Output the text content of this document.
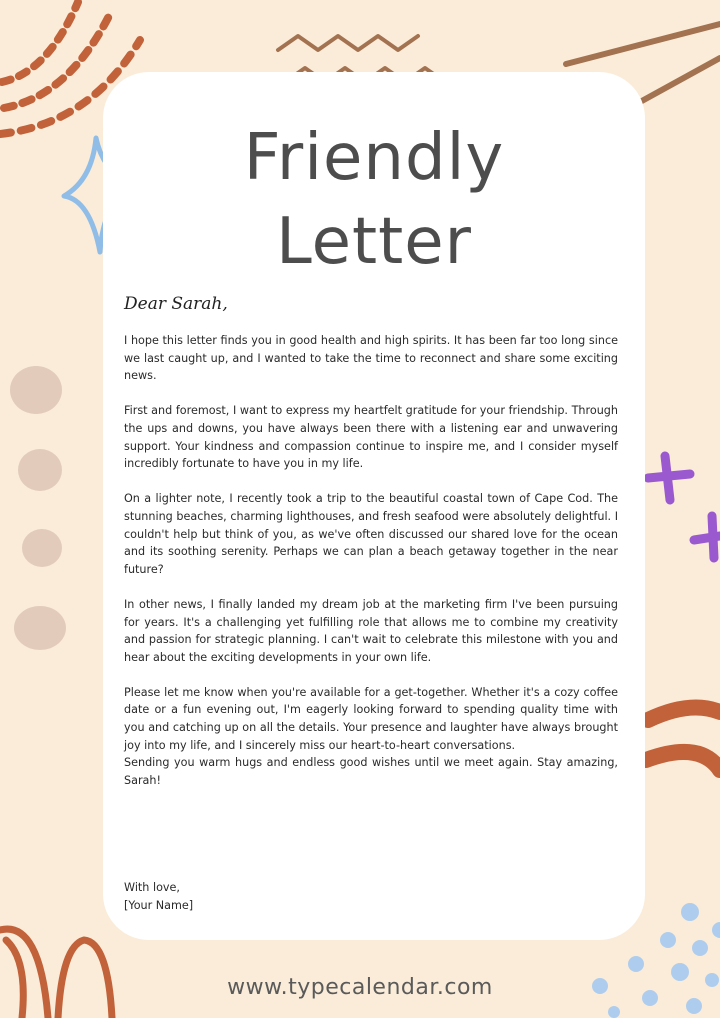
Friendly
Letter

Dear Sarah,

I hope this letter finds you in good health and high spirits. It has been far too long since we last caught up, and I wanted to take the time to reconnect and share some exciting news.

First and foremost, I want to express my heartfelt gratitude for your friendship. Through the ups and downs, you have always been there with a listening ear and unwavering support. Your kindness and compassion continue to inspire me, and I consider myself incredibly fortunate to have you in my life.

On a lighter note, I recently took a trip to the beautiful coastal town of Cape Cod. The stunning beaches, charming lighthouses, and fresh seafood were absolutely delightful. I couldn't help but think of you, as we've often discussed our shared love for the ocean and its soothing serenity. Perhaps we can plan a beach getaway together in the near future?

In other news, I finally landed my dream job at the marketing firm I've been pursuing for years. It's a challenging yet fulfilling role that allows me to combine my creativity and passion for strategic planning. I can't wait to celebrate this milestone with you and hear about the exciting developments in your own life.

Please let me know when you're available for a get-together. Whether it's a cozy coffee date or a fun evening out, I'm eagerly looking forward to spending quality time with you and catching up on all the details. Your presence and laughter have always brought joy into my life, and I sincerely miss our heart-to-heart conversations.

Sending you warm hugs and endless good wishes until we meet again. Stay amazing, Sarah!

With love,
[Your Name]
www.typecalendar.com
